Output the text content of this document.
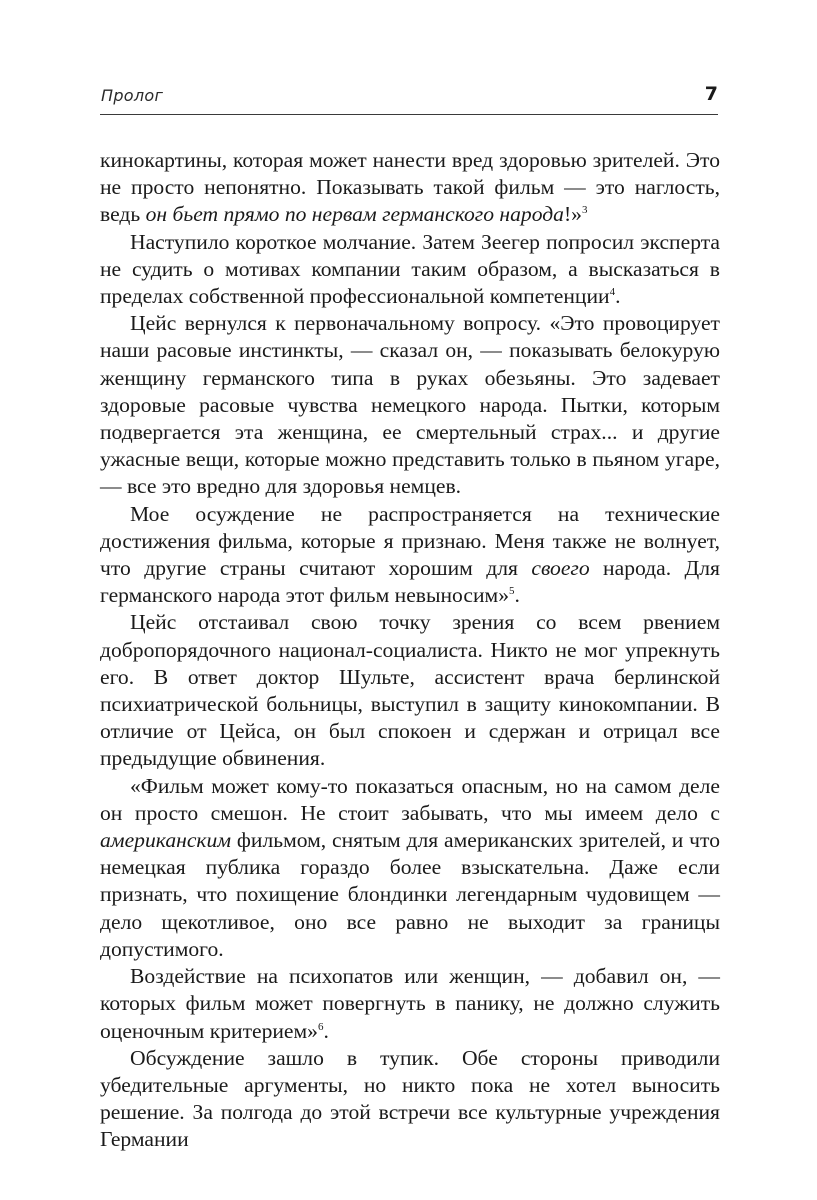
Пролог	7

кинокартины, которая может нанести вред здоровью зрителей. Это не просто непонятно. Показывать такой фильм — это наглость, ведь он бьет прямо по нервам германского народа!»$^3$

Наступило короткое молчание. Затем Зеегер попросил эксперта не судить о мотивах компании таким образом, а высказаться в пределах собственной профессиональной компетенции$^4$.

Цейс вернулся к первоначальному вопросу. «Это провоцирует наши расовые инстинкты, — сказал он, — показывать белокурую женщину германского типа в руках обезьяны. Это задевает здоровые расовые чувства немецкого народа. Пытки, которым подвергается эта женщина, ее смертельный страх... и другие ужасные вещи, которые можно представить только в пьяном угаре, — все это вредно для здоровья немцев.

Мое осуждение не распространяется на технические достижения фильма, которые я признаю. Меня также не волнует, что другие страны считают хорошим для своего народа. Для германского народа этот фильм невыносим»$^5$.

Цейс отстаивал свою точку зрения со всем рвением добропорядочного национал-социалиста. Никто не мог упрекнуть его. В ответ доктор Шульте, ассистент врача берлинской психиатрической больницы, выступил в защиту кинокомпании. В отличие от Цейса, он был спокоен и сдержан и отрицал все предыдущие обвинения.

«Фильм может кому-то показаться опасным, но на самом деле он просто смешон. Не стоит забывать, что мы имеем дело с американским фильмом, снятым для американских зрителей, и что немецкая публика гораздо более взыскательна. Даже если признать, что похищение блондинки легендарным чудовищем — дело щекотливое, оно все равно не выходит за границы допустимого.

Воздействие на психопатов или женщин, — добавил он, — которых фильм может повергнуть в панику, не должно служить оценочным критерием»$^6$.

Обсуждение зашло в тупик. Обе стороны приводили убедительные аргументы, но никто пока не хотел выносить решение. За полгода до этой встречи все культурные учреждения Германии
